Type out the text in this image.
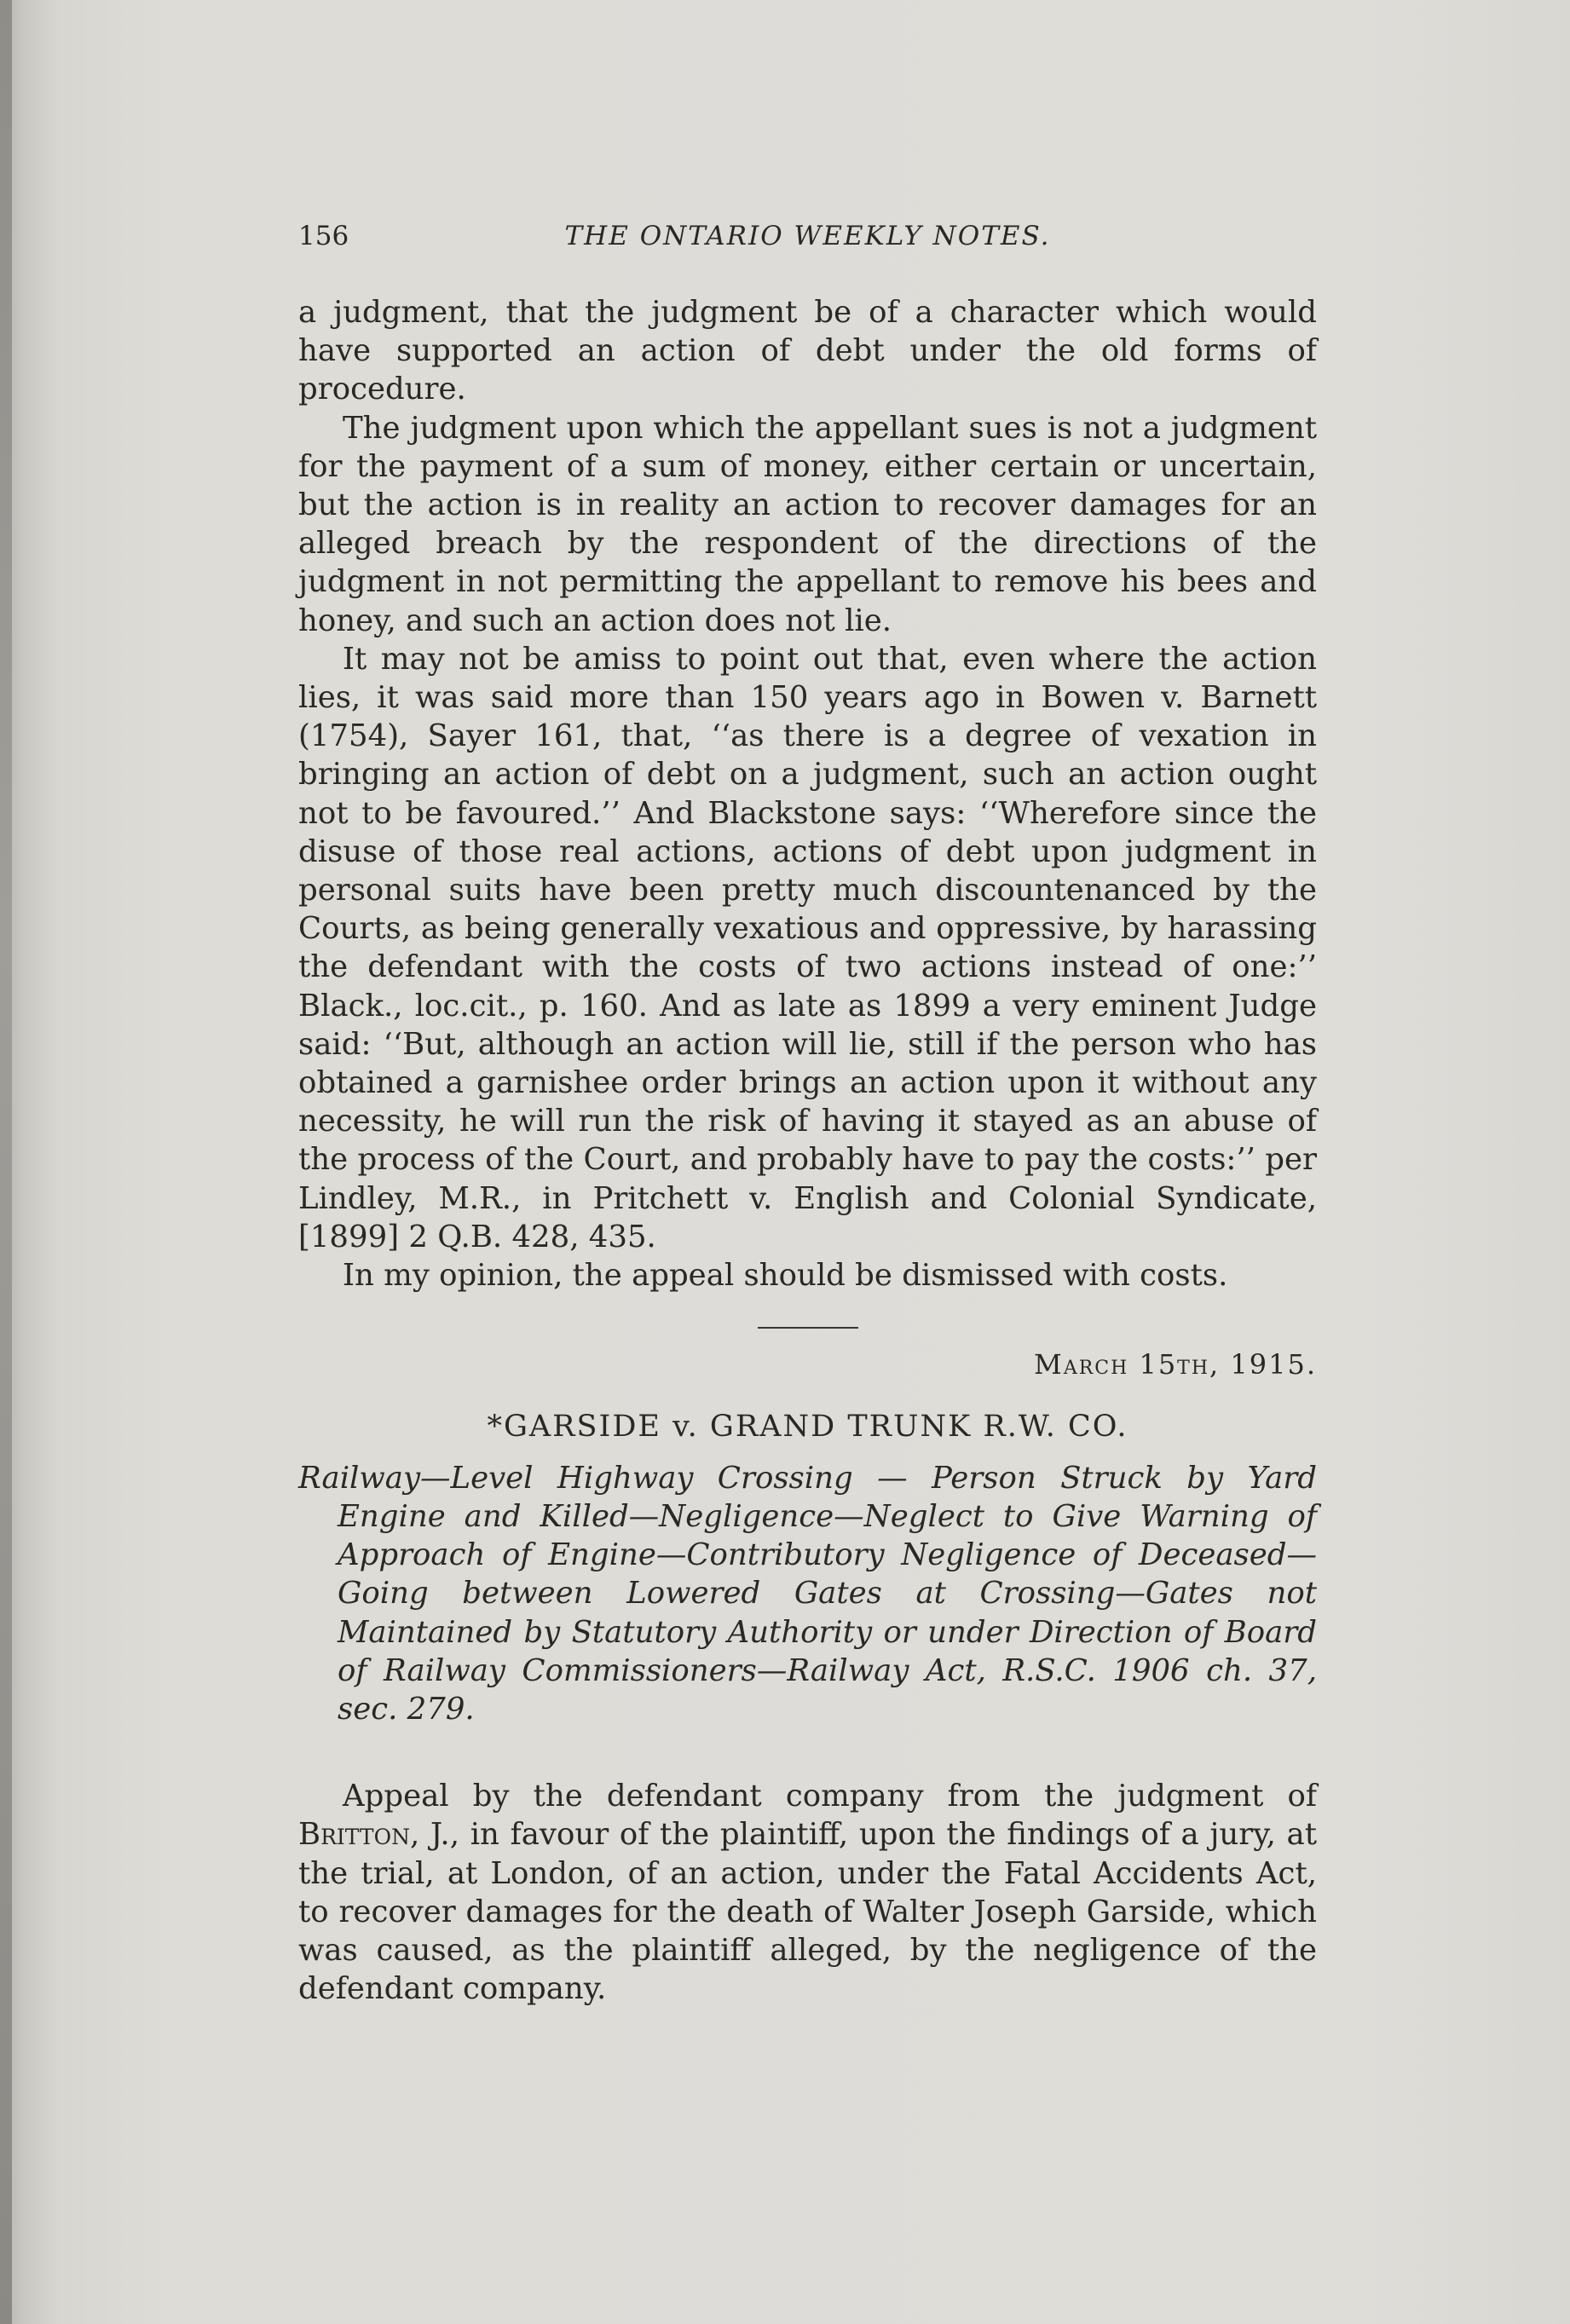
156	THE ONTARIO WEEKLY NOTES.

a judgment, that the judgment be of a character which would have supported an action of debt under the old forms of procedure.

The judgment upon which the appellant sues is not a judgment for the payment of a sum of money, either certain or uncertain, but the action is in reality an action to recover damages for an alleged breach by the respondent of the directions of the judgment in not permitting the appellant to remove his bees and honey, and such an action does not lie.

It may not be amiss to point out that, even where the action lies, it was said more than 150 years ago in Bowen v. Barnett (1754), Sayer 161, that, ‘‘as there is a degree of vexation in bringing an action of debt on a judgment, such an action ought not to be favoured.’’ And Blackstone says: ‘‘Wherefore since the disuse of those real actions, actions of debt upon judgment in personal suits have been pretty much discountenanced by the Courts, as being generally vexatious and oppressive, by harassing the defendant with the costs of two actions instead of one:’’ Black., loc.cit., p. 160. And as late as 1899 a very eminent Judge said: ‘‘But, although an action will lie, still if the person who has obtained a garnishee order brings an action upon it without any necessity, he will run the risk of having it stayed as an abuse of the process of the Court, and probably have to pay the costs:’’ per Lindley, M.R., in Pritchett v. English and Colonial Syndicate, [1899] 2 Q.B. 428, 435.

In my opinion, the appeal should be dismissed with costs.

March 15th, 1915.
*GARSIDE v. GRAND TRUNK R.W. CO.
Railway—Level Highway Crossing — Person Struck by Yard Engine and Killed—Negligence—Neglect to Give Warning of Approach of Engine—Contributory Negligence of Deceased—Going between Lowered Gates at Crossing—Gates not Maintained by Statutory Authority or under Direction of Board of Railway Commissioners—Railway Act, R.S.C. 1906 ch. 37, sec. 279.

Appeal by the defendant company from the judgment of Britton, J., in favour of the plaintiff, upon the findings of a jury, at the trial, at London, of an action, under the Fatal Accidents Act, to recover damages for the death of Walter Joseph Garside, which was caused, as the plaintiff alleged, by the negligence of the defendant company.
